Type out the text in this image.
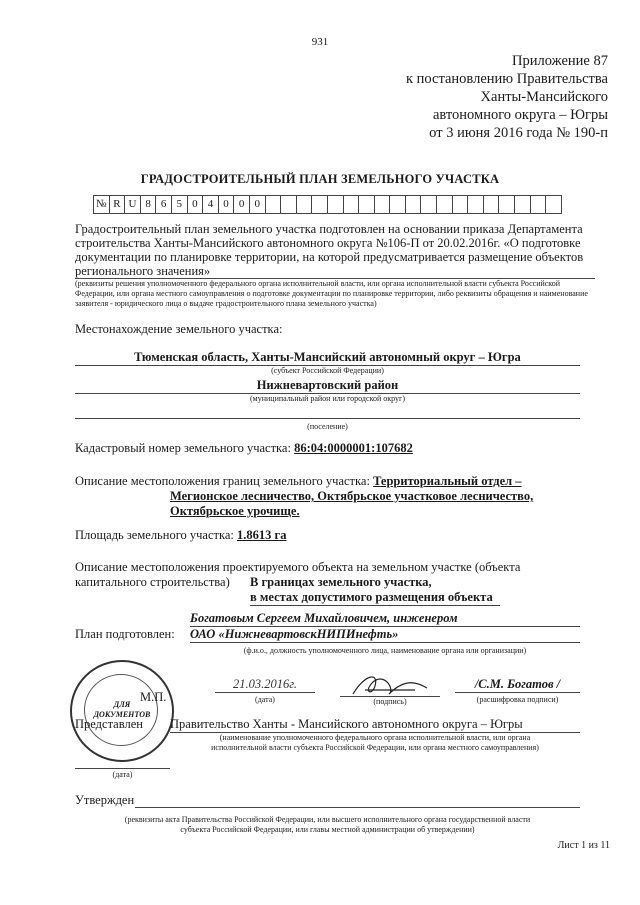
931
Приложение 87
к постановлению Правительства
Ханты-Мансийского
автономного округа – Югры
от 3 июня 2016 года № 190-п
ГРАДОСТРОИТЕЛЬНЫЙ ПЛАН ЗЕМЕЛЬНОГО УЧАСТКА
№ R U 8 6 5 0 4 0 0 0
Градостроительный план земельного участка подготовлен на основании приказа Департамента строительства Ханты-Мансийского автономного округа №106-П от 20.02.2016г. «О подготовке документации по планировке территории, на которой предусматривается размещение объектов регионального значения»
(реквизиты решения уполномоченного федерального органа исполнительной власти, или органа исполнительной власти субъекта Российской Федерации, или органа местного самоуправления о подготовке документации по планировке территории, либо реквизиты обращения и наименование заявителя - юридического лица о выдаче градостроительного плана земельного участка)
Местонахождение земельного участка:
Тюменская область, Ханты-Мансийский автономный округ – Югра
(субъект Российской Федерации)
Нижневартовский район
(муниципальный район или городской округ)
(поселение)
Кадастровый номер земельного участка: 86:04:0000001:107682
Описание местоположения границ земельного участка: Территориальный отдел –
Мегионское лесничество, Октябрьское участковое лесничество,
Октябрьское урочище.
Площадь земельного участка: 1.8613 га
Описание местоположения проектируемого объекта на земельном участке (объекта
капитального строительства) В границах земельного участка,
в местах допустимого размещения объекта
Богатовым Сергеем Михайловичем, инженером
План подготовлен: ОАО «НижневартовскНИПИнефть»
(ф.и.о., должность уполномоченного лица, наименование органа или организации)
ДЛЯ ДОКУМЕНТОВ
М.П.
21.03.2016г.
(дата)	(подпись)
/С.М. Богатов /
(расшифровка подписи)
Представлен Правительство Ханты - Мансийского автономного округа – Югры
(наименование уполномоченного федерального органа исполнительной власти, или органа
исполнительной власти субъекта Российской Федерации, или органа местного самоуправления)
(дата)
Утвержден
(реквизиты акта Правительства Российской Федерации, или высшего исполнительного органа государственной власти
субъекта Российской Федерации, или главы местной администрации об утверждении)
Лист 1 из 11
